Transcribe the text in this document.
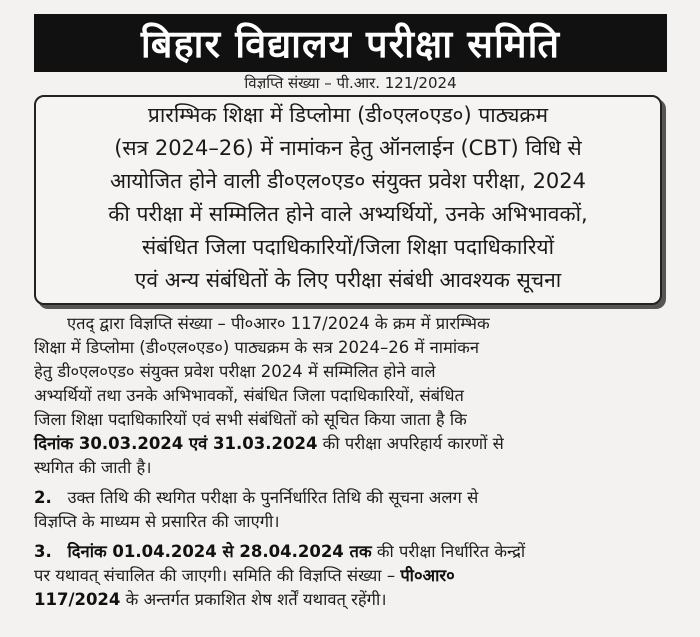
बिहार विद्यालय परीक्षा समिति
विज्ञप्ति संख्या – पी.आर. 121/2024
प्रारम्भिक शिक्षा में डिप्लोमा (डी०एल०एड०) पाठ्यक्रम
(सत्र 2024–26) में नामांकन हेतु ऑनलाईन (CBT) विधि से
आयोजित होने वाली डी०एल०एड० संयुक्त प्रवेश परीक्षा, 2024
की परीक्षा में सम्मिलित होने वाले अभ्यर्थियों, उनके अभिभावकों,
संबंधित जिला पदाधिकारियों/जिला शिक्षा पदाधिकारियों
एवं अन्य संबंधितों के लिए परीक्षा संबंधी आवश्यक सूचना
एतद् द्वारा विज्ञप्ति संख्या – पी०आर० 117/2024 के क्रम में प्रारम्भिक
शिक्षा में डिप्लोमा (डी०एल०एड०) पाठ्यक्रम के सत्र 2024–26 में नामांकन
हेतु डी०एल०एड० संयुक्त प्रवेश परीक्षा 2024 में सम्मिलित होने वाले
अभ्यर्थियों तथा उनके अभिभावकों, संबंधित जिला पदाधिकारियों, संबंधित
जिला शिक्षा पदाधिकारियों एवं सभी संबंधितों को सूचित किया जाता है कि
दिनांक 30.03.2024 एवं 31.03.2024 की परीक्षा अपरिहार्य कारणों से
स्थगित की जाती है।
2. उक्त तिथि की स्थगित परीक्षा के पुनर्निर्धारित तिथि की सूचना अलग से
विज्ञप्ति के माध्यम से प्रसारित की जाएगी।
3. दिनांक 01.04.2024 से 28.04.2024 तक की परीक्षा निर्धारित केन्द्रों
पर यथावत् संचालित की जाएगी। समिति की विज्ञप्ति संख्या – पी०आर०
117/2024 के अन्तर्गत प्रकाशित शेष शर्तें यथावत् रहेंगी।
